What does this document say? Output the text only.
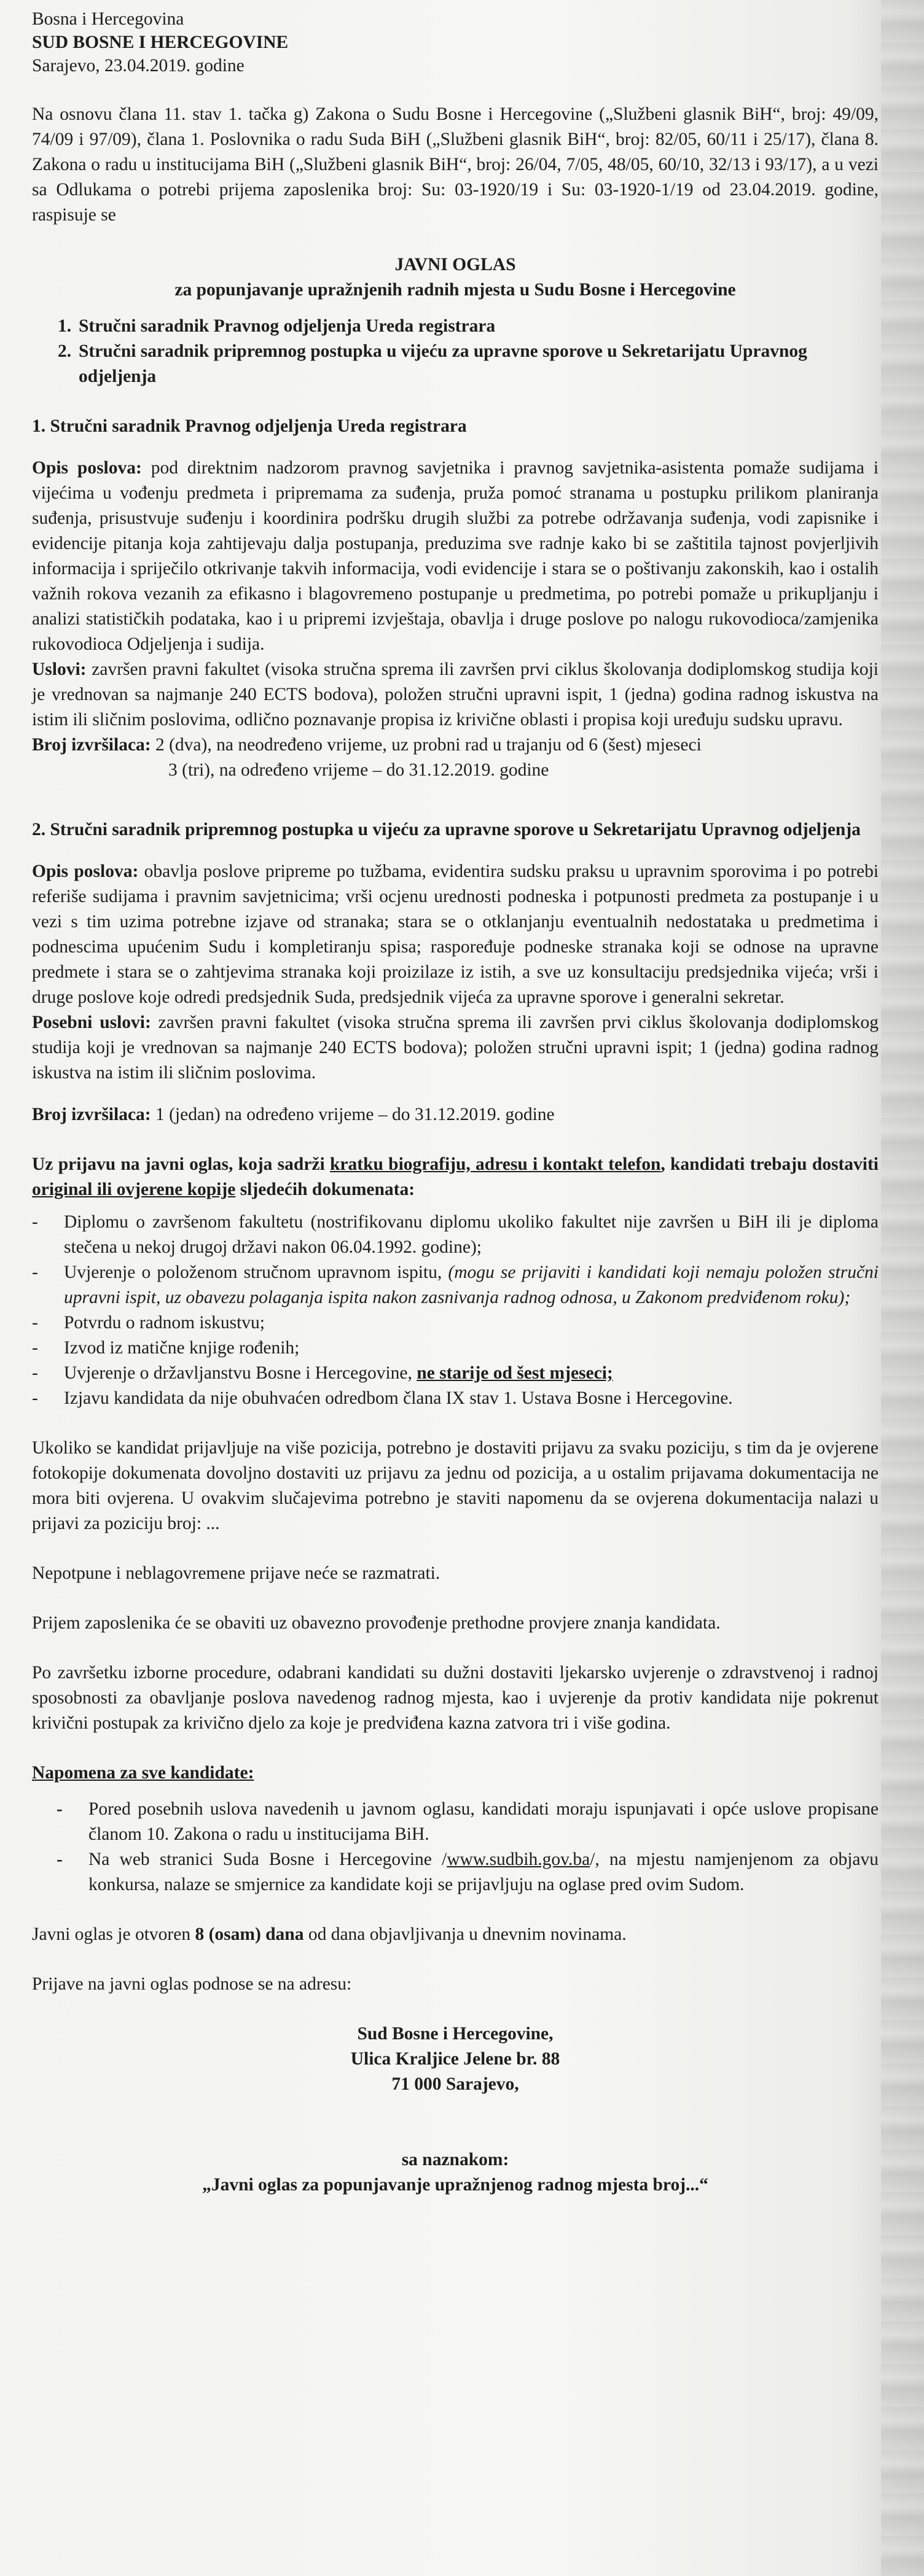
Bosna i Hercegovina

SUD BOSNE I HERCEGOVINE

Sarajevo, 23.04.2019. godine

Na osnovu člana 11. stav 1. tačka g) Zakona o Sudu Bosne i Hercegovine („Službeni glasnik BiH“, broj: 49/09, 74/09 i 97/09), člana 1. Poslovnika o radu Suda BiH („Službeni glasnik BiH“, broj: 82/05, 60/11 i 25/17), člana 8. Zakona o radu u institucijama BiH („Službeni glasnik BiH“, broj: 26/04, 7/05, 48/05, 60/10, 32/13 i 93/17), a u vezi sa Odlukama o potrebi prijema zaposlenika broj: Su: 03-1920/19 i Su: 03-1920-1/19 od 23.04.2019. godine, raspisuje se

JAVNI OGLAS

za popunjavanje upražnjenih radnih mjesta u Sudu Bosne i Hercegovine

1. Stručni saradnik Pravnog odjeljenja Ureda registrara
2. Stručni saradnik pripremnog postupka u vijeću za upravne sporove u Sekretarijatu Upravnog odjeljenja

1. Stručni saradnik Pravnog odjeljenja Ureda registrara

Opis poslova: pod direktnim nadzorom pravnog savjetnika i pravnog savjetnika-asistenta pomaže sudijama i vijećima u vođenju predmeta i pripremama za suđenja, pruža pomoć stranama u postupku prilikom planiranja suđenja, prisustvuje suđenju i koordinira podršku drugih službi za potrebe održavanja suđenja, vodi zapisnike i evidencije pitanja koja zahtijevaju dalja postupanja, preduzima sve radnje kako bi se zaštitila tajnost povjerljivih informacija i spriječilo otkrivanje takvih informacija, vodi evidencije i stara se o poštivanju zakonskih, kao i ostalih važnih rokova vezanih za efikasno i blagovremeno postupanje u predmetima, po potrebi pomaže u prikupljanju i analizi statističkih podataka, kao i u pripremi izvještaja, obavlja i druge poslove po nalogu rukovodioca/zamjenika rukovodioca Odjeljenja i sudija.

Uslovi: završen pravni fakultet (visoka stručna sprema ili završen prvi ciklus školovanja dodiplomskog studija koji je vrednovan sa najmanje 240 ECTS bodova), položen stručni upravni ispit, 1 (jedna) godina radnog iskustva na istim ili sličnim poslovima, odlično poznavanje propisa iz krivične oblasti i propisa koji uređuju sudsku upravu.

Broj izvršilaca: 2 (dva), na neodređeno vrijeme, uz probni rad u trajanju od 6 (šest) mjeseci

3 (tri), na određeno vrijeme – do 31.12.2019. godine

2. Stručni saradnik pripremnog postupka u vijeću za upravne sporove u Sekretarijatu Upravnog odjeljenja

Opis poslova: obavlja poslove pripreme po tužbama, evidentira sudsku praksu u upravnim sporovima i po potrebi referiše sudijama i pravnim savjetnicima; vrši ocjenu urednosti podneska i potpunosti predmeta za postupanje i u vezi s tim uzima potrebne izjave od stranaka; stara se o otklanjanju eventualnih nedostataka u predmetima i podnescima upućenim Sudu i kompletiranju spisa; raspoređuje podneske stranaka koji se odnose na upravne predmete i stara se o zahtjevima stranaka koji proizilaze iz istih, a sve uz konsultaciju predsjednika vijeća; vrši i druge poslove koje odredi predsjednik Suda, predsjednik vijeća za upravne sporove i generalni sekretar.

Posebni uslovi: završen pravni fakultet (visoka stručna sprema ili završen prvi ciklus školovanja dodiplomskog studija koji je vrednovan sa najmanje 240 ECTS bodova); položen stručni upravni ispit; 1 (jedna) godina radnog iskustva na istim ili sličnim poslovima.

Broj izvršilaca: 1 (jedan) na određeno vrijeme – do 31.12.2019. godine

Uz prijavu na javni oglas, koja sadrži kratku biografiju, adresu i kontakt telefon, kandidati trebaju dostaviti original ili ovjerene kopije sljedećih dokumenata:

- Diplomu o završenom fakultetu (nostrifikovanu diplomu ukoliko fakultet nije završen u BiH ili je diploma stečena u nekoj drugoj državi nakon 06.04.1992. godine);
- Uvjerenje o položenom stručnom upravnom ispitu, (mogu se prijaviti i kandidati koji nemaju položen stručni upravni ispit, uz obavezu polaganja ispita nakon zasnivanja radnog odnosa, u Zakonom predviđenom roku);
- Potvrdu o radnom iskustvu;
- Izvod iz matične knjige rođenih;
- Uvjerenje o državljanstvu Bosne i Hercegovine, ne starije od šest mjeseci;
- Izjavu kandidata da nije obuhvaćen odredbom člana IX stav 1. Ustava Bosne i Hercegovine.

Ukoliko se kandidat prijavljuje na više pozicija, potrebno je dostaviti prijavu za svaku poziciju, s tim da je ovjerene fotokopije dokumenata dovoljno dostaviti uz prijavu za jednu od pozicija, a u ostalim prijavama dokumentacija ne mora biti ovjerena. U ovakvim slučajevima potrebno je staviti napomenu da se ovjerena dokumentacija nalazi u prijavi za poziciju broj: ...

Nepotpune i neblagovremene prijave neće se razmatrati.

Prijem zaposlenika će se obaviti uz obavezno provođenje prethodne provjere znanja kandidata.

Po završetku izborne procedure, odabrani kandidati su dužni dostaviti ljekarsko uvjerenje o zdravstvenoj i radnoj sposobnosti za obavljanje poslova navedenog radnog mjesta, kao i uvjerenje da protiv kandidata nije pokrenut krivični postupak za krivično djelo za koje je predviđena kazna zatvora tri i više godina.

Napomena za sve kandidate:

- Pored posebnih uslova navedenih u javnom oglasu, kandidati moraju ispunjavati i opće uslove propisane članom 10. Zakona o radu u institucijama BiH.
- Na web stranici Suda Bosne i Hercegovine /www.sudbih.gov.ba/, na mjestu namjenjenom za objavu konkursa, nalaze se smjernice za kandidate koji se prijavljuju na oglase pred ovim Sudom.

Javni oglas je otvoren 8 (osam) dana od dana objavljivanja u dnevnim novinama.

Prijave na javni oglas podnose se na adresu:

Sud Bosne i Hercegovine,

Ulica Kraljice Jelene br. 88

71 000 Sarajevo,

sa naznakom:

„Javni oglas za popunjavanje upražnjenog radnog mjesta broj...“
